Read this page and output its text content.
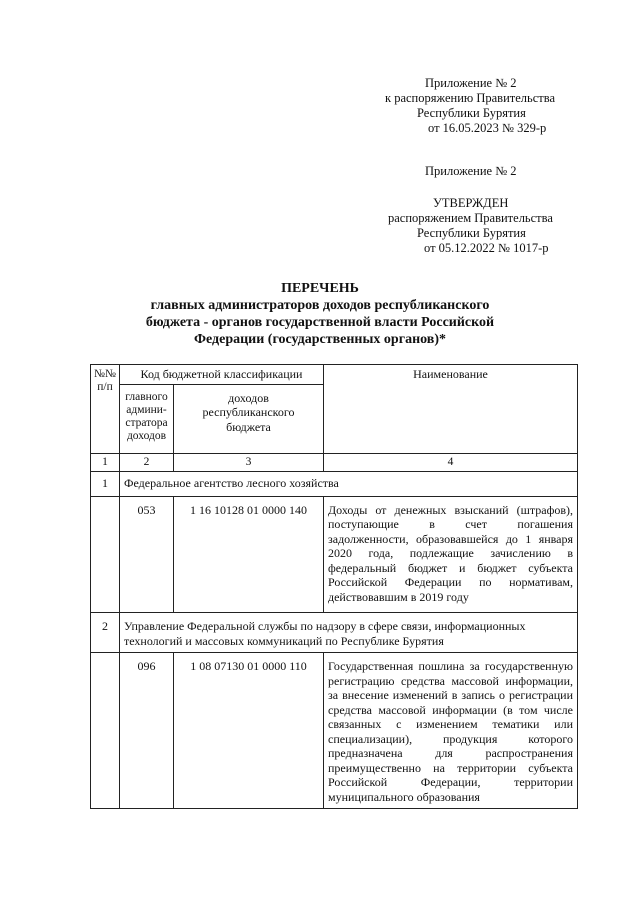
Приложение № 2
к распоряжению Правительства
Республики Бурятия
от 16.05.2023 № 329-р
Приложение № 2
УТВЕРЖДЕН
распоряжением Правительства
Республики Бурятия
от 05.12.2022 № 1017-р
ПЕРЕЧЕНЬ
главных администраторов доходов республиканского
бюджета - органов государственной власти Российской
Федерации (государственных органов)*
№№ п/п	Код бюджетной классификации		Наименование
	главного админи-стратора доходов	доходов республиканского бюджета	
1	2	3	4
1	Федеральное агентство лесного хозяйства		
	053	1 16 10128 01 0000 140	Доходы от денежных взысканий (штрафов), поступающие в счет погашения задолженности, образовавшейся до 1 января 2020 года, подлежащие зачислению в федеральный бюджет и бюджет субъекта Российской Федерации по нормативам, действовавшим в 2019 году
2	Управление Федеральной службы по надзору в сфере связи, информационных технологий и массовых коммуникаций по Республике Бурятия		
	096	1 08 07130 01 0000 110	Государственная пошлина за государственную регистрацию средства массовой информации, за внесение изменений в запись о регистрации средства массовой информации (в том числе связанных с изменением тематики или специализации), продукция которого предназначена для распространения преимущественно на территории субъекта Российской Федерации, территории муниципального образования
